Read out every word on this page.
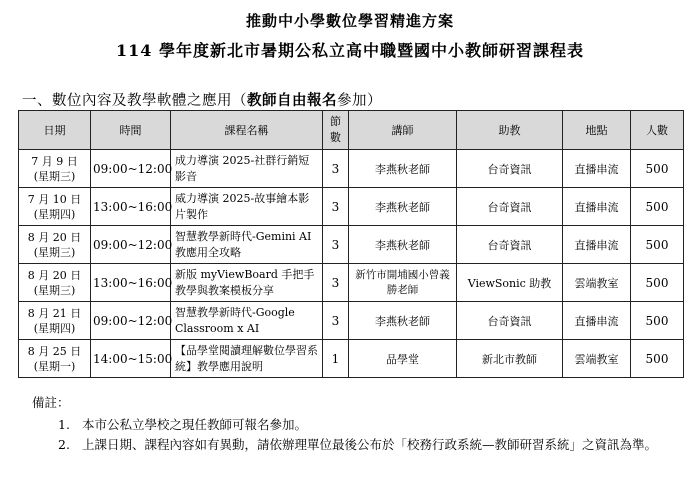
推動中小學數位學習精進方案
114 學年度新北市暑期公私立高中職暨國中小教師研習課程表
一、數位內容及教學軟體之應用（教師自由報名參加）
日期	時間	課程名稱	節數	講師	助教	地點	人數

7 月 9 日
(星期三)	09:00~12:00	成力導演 2025-社群行銷短影音	3	李燕秋老師	台奇資訊	直播串流	500

7 月 10 日
(星期四)	13:00~16:00	威力導演 2025-故事繪本影片製作	3	李燕秋老師	台奇資訊	直播串流	500

8 月 20 日
(星期三)	09:00~12:00	智慧教學新時代-Gemini AI 教應用全攻略	3	李燕秋老師	台奇資訊	直播串流	500

8 月 20 日
(星期三)	13:00~16:00	新版 myViewBoard 手把手教學與教案模板分享	3	新竹市開埔國小曾義勝老師	ViewSonic 助教	雲端教室	500

8 月 21 日
(星期四)	09:00~12:00	智慧教學新時代-Google Classroom x AI	3	李燕秋老師	台奇資訊	直播串流	500

8 月 25 日
(星期一)	14:00~15:00	【品學堂閱讀理解數位學習系統】教學應用說明	1	品學堂	新北市教師	雲端教室	500
備註：
1. 本市公私立學校之現任教師可報名參加。
2. 上課日期、課程內容如有異動，請依辦理單位最後公布於「校務行政系統—教師研習系統」之資訊為準。
